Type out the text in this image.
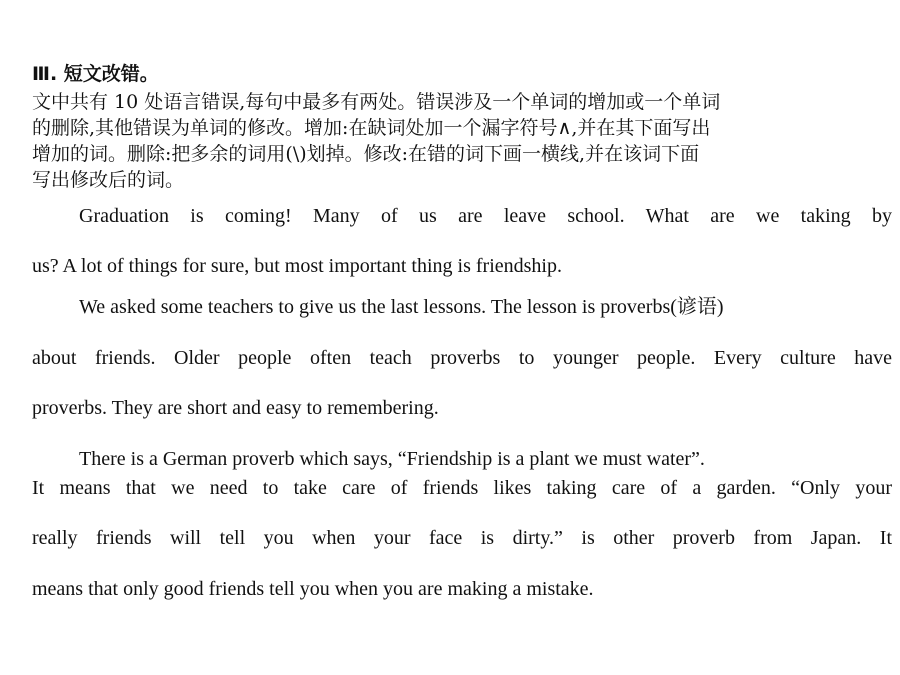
Ⅲ. 短文改错。
文中共有 10 处语言错误,每句中最多有两处。错误涉及一个单词的增加或一个单词
的删除,其他错误为单词的修改。增加:在缺词处加一个漏字符号∧,并在其下面写出
增加的词。删除:把多余的词用(\)划掉。修改:在错的词下画一横线,并在该词下面
写出修改后的词。
Graduation is coming! Many of us are leave school. What are we taking by
us? A lot of things for sure, but most important thing is friendship.
We asked some teachers to give us the last lessons. The lesson is proverbs(谚语)
about friends. Older people often teach proverbs to younger people. Every culture have
proverbs. They are short and easy to remembering.
There is a German proverb which says, “Friendship is a plant we must water”.
It means that we need to take care of friends likes taking care of a garden. “Only your
really friends will tell you when your face is dirty.” is other proverb from Japan. It
means that only good friends tell you when you are making a mistake.
